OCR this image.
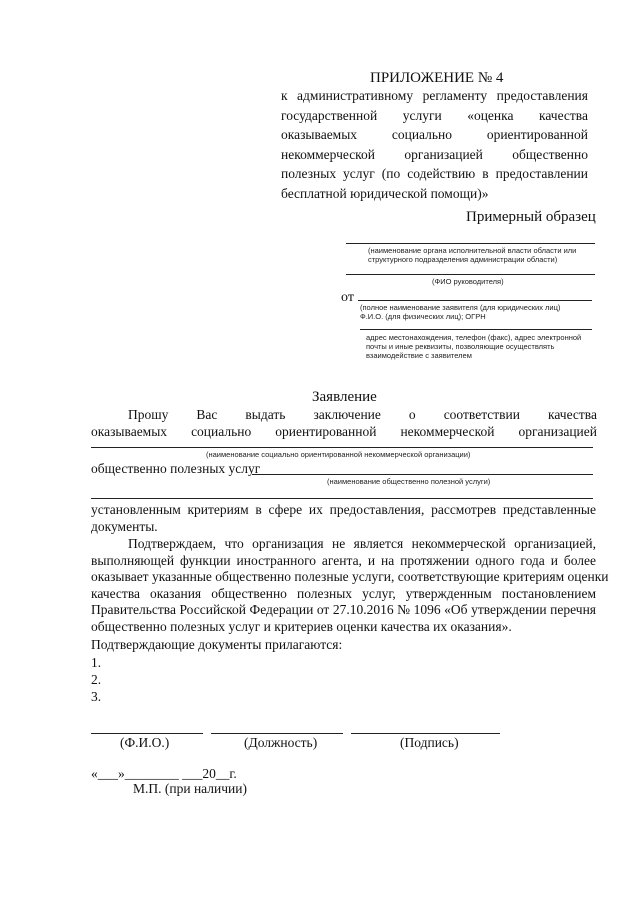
ПРИЛОЖЕНИЕ № 4
к административному регламенту предоставления
государственной услуги «оценка качества
оказываемых социально ориентированной
некоммерческой организацией общественно
полезных услуг (по содействию в предоставлении
бесплатной юридической помощи)»
Примерный образец
(наименование органа исполнительной власти области или
структурного подразделения администрации области)
(ФИО руководителя)
от
(полное наименование заявителя (для юридических лиц)
Ф.И.О. (для физических лиц); ОГРН
адрес местонахождения, телефон (факс), адрес электронной
почты и иные реквизиты, позволяющие осуществлять
взаимодействие с заявителем
Заявление
Прошу Вас выдать заключение о соответствии качества
оказываемых социально ориентированной некоммерческой организацией
(наименование социально ориентированной некоммерческой организации)
общественно полезных услуг
(наименование общественно полезной услуги)
установленным критериям в сфере их предоставления, рассмотрев представленные
документы.
Подтверждаем, что организация не является некоммерческой организацией,
выполняющей функции иностранного агента, и на протяжении одного года и более
оказывает указанные общественно полезные услуги, соответствующие критериям оценки
качества оказания общественно полезных услуг, утвержденным постановлением
Правительства Российской Федерации от 27.10.2016 № 1096 «Об утверждении перечня
общественно полезных услуг и критериев оценки качества их оказания».
Подтверждающие документы прилагаются:
1.
2.
3.
(Ф.И.О.)	(Должность)	(Подпись)
«___»________ ___20__г.
М.П. (при наличии)
